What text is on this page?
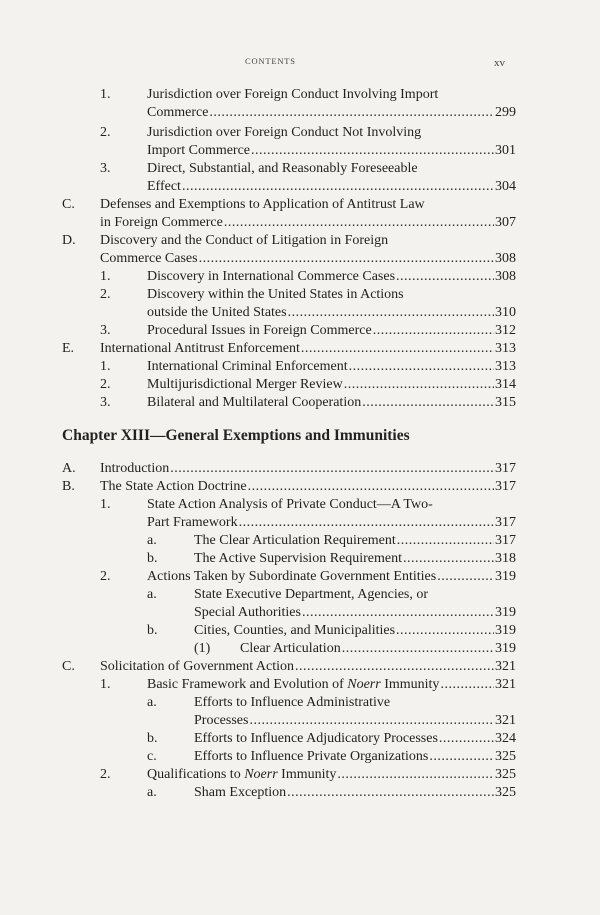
CONTENTS	xv
Chapter XIII—General Exemptions and Immunities
1.	Jurisdiction over Foreign Conduct Involving Import
Commerce .....	299
2.	Jurisdiction over Foreign Conduct Not Involving
Import Commerce .....	301
3.	Direct, Substantial, and Reasonably Foreseeable
Effect .....	304
C. Defenses and Exemptions to Application of Antitrust Law
in Foreign Commerce .....	307
D. Discovery and the Conduct of Litigation in Foreign
Commerce Cases .....	308
1.	Discovery in International Commerce Cases .....	308
2.	Discovery within the United States in Actions
outside the United States .....	310
3.	Procedural Issues in Foreign Commerce .....	312
E. International Antitrust Enforcement .....	313
1.	International Criminal Enforcement .....	313
2.	Multijurisdictional Merger Review .....	314
3.	Bilateral and Multilateral Cooperation .....	315
A. Introduction .....	317
B. The State Action Doctrine .....	317
1.	State Action Analysis of Private Conduct—A Two-
Part Framework .....	317
a.	The Clear Articulation Requirement .....	317
b.	The Active Supervision Requirement .....	318
2.	Actions Taken by Subordinate Government Entities .....	319
a.	State Executive Department, Agencies, or
Special Authorities .....	319
b.	Cities, Counties, and Municipalities .....	319
(1) Clear Articulation .....	319
C. Solicitation of Government Action .....	321
1.	Basic Framework and Evolution of Noerr Immunity .....	321
a.	Efforts to Influence Administrative
Processes .....	321
b.	Efforts to Influence Adjudicatory Processes .....	324
c.	Efforts to Influence Private Organizations .....	325
2.	Qualifications to Noerr Immunity .....	325
a.	Sham Exception .....	325
